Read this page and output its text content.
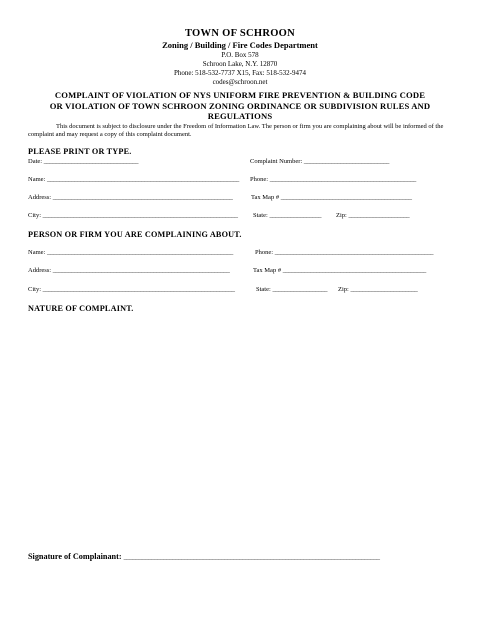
TOWN OF SCHROON
Zoning / Building / Fire Codes Department
P.O. Box 578
Schroon Lake, N.Y. 12870
Phone: 518-532-7737 X15, Fax: 518-532-9474
codes@schroon.net
COMPLAINT OF VIOLATION OF NYS UNIFORM FIRE PREVENTION & BUILDING CODE
OR VIOLATION OF TOWN SCHROON ZONING ORDINANCE OR SUBDIVISION RULES AND
REGULATIONS
This document is subject to disclosure under the Freedom of Information Law. The person or firm you are complaining about will be informed of the complaint and may request a copy of this complaint document.
PLEASE PRINT OR TYPE.
Date: _______________________________	Complaint Number: ____________________________
Name: _______________________________________________________________ Phone: ________________________________________________
Address: ___________________________________________________________	Tax Map # ___________________________________________
City: ________________________________________________________________ State: _________________ Zip: ____________________
PERSON OR FIRM YOU ARE COMPLAINING ABOUT.
Name: _____________________________________________________________	Phone: ____________________________________________________
Address: __________________________________________________________	Tax Map # _______________________________________________
City: _______________________________________________________________	State: __________________ Zip: ______________________
NATURE OF COMPLAINT.
Signature of Complainant: ____________________________________________________________________________________
